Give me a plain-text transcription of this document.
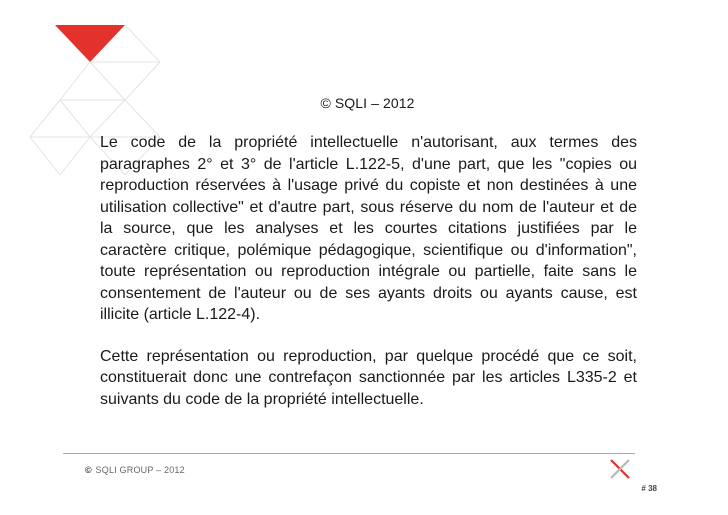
© SQLI – 2012

Le code de la propriété intellectuelle n'autorisant, aux termes des paragraphes 2° et 3° de l'article L.122-5, d'une part, que les "copies ou reproduction réservées à l'usage privé du copiste et non destinées à une utilisation collective" et d'autre part, sous réserve du nom de l'auteur et de la source, que les analyses et les courtes citations justifiées par le caractère critique, polémique pédagogique, scientifique ou d'information", toute représentation ou reproduction intégrale ou partielle, faite sans le consentement de l'auteur ou de ses ayants droits ou ayants cause, est illicite (article L.122-4).

Cette représentation ou reproduction, par quelque procédé que ce soit, constituerait donc une contrefaçon sanctionnée par les articles L335-2 et suivants du code de la propriété intellectuelle.

© SQLI GROUP – 2012
# 38
